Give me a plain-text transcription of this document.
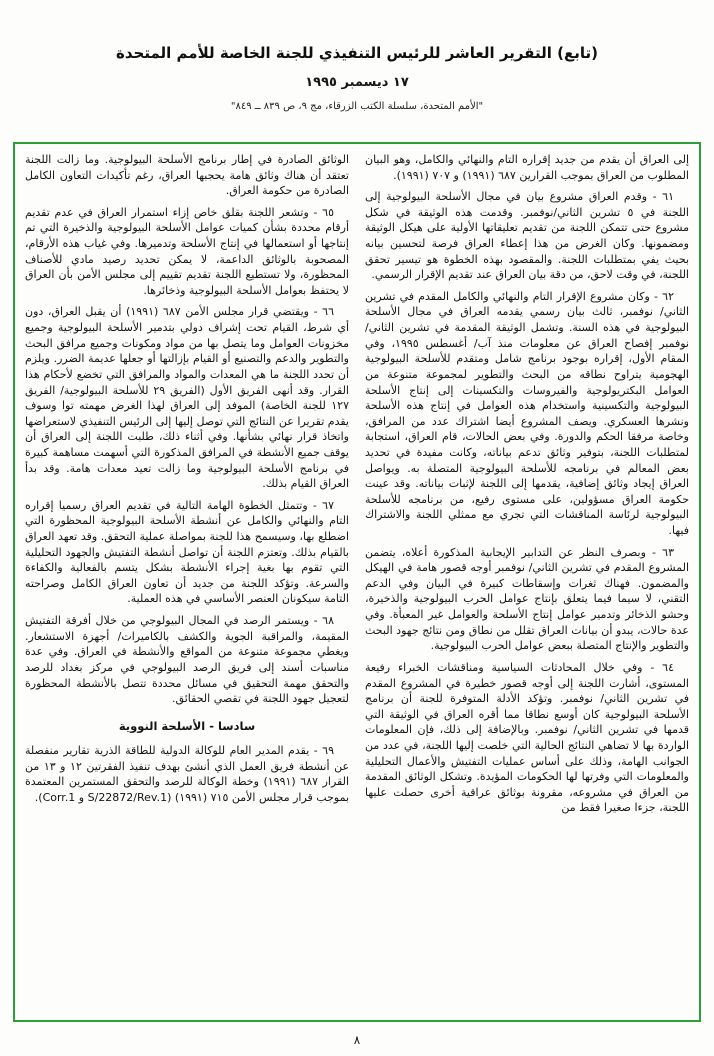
(تابع) التقرير العاشر للرئيس التنفيذي للجنة الخاصة للأمم المتحدة
١٧ ديسمبر ١٩٩٥
"الأمم المتحدة، سلسلة الكتب الزرقاء، مج ٩، ص ٨٣٩ ــ ٨٤٩"

إلى العراق أن يقدم من جديد إقراره التام والنهائي والكامل، وهو البيان المطلوب من العراق بموجب القرارين ٦٨٧ (١٩٩١) و ٧٠٧ (١٩٩١).

٦١ - وقدم العراق مشروع بيان في مجال الأسلحة البيولوجية إلى اللجنة في ٥ تشرين الثاني/نوفمبر. وقدمت هذه الوثيقة في شكل مشروع حتى تتمكن اللجنة من تقديم تعليقاتها الأولية على هيكل الوثيقة ومضمونها. وكان الغرض من هذا إعطاء العراق فرصة لتحسين بيانه بحيث يفي بمتطلبات اللجنة. والمقصود بهذه الخطوة هو تيسير تحقق اللجنة، في وقت لاحق، من دقة بيان العراق عند تقديم الإقرار الرسمي.

٦٢ - وكان مشروع الإقرار التام والنهائي والكامل المقدم في تشرين الثاني/ نوفمبر، ثالث بيان رسمي يقدمه العراق في مجال الأسلحة البيولوجية في هذه السنة. وتشمل الوثيقة المقدمة في تشرين الثاني/ نوفمبر إفصاح العراق عن معلومات منذ آب/ أغسطس ١٩٩٥، وفي المقام الأول، إقراره بوجود برنامج شامل ومتقدم للأسلحة البيولوجية الهجومية يتراوح نطاقه من البحث والتطوير لمجموعة متنوعة من العوامل البكتريولوجية والفيروسات والتكسينات إلى إنتاج الأسلحة البيولوجية والتكسينية واستخدام هذه العوامل في إنتاج هذه الأسلحة ونشرها العسكري. ويصف المشروع أيضا اشتراك عدد من المرافق، وخاصة مرفقا الحكم والدورة. وفي بعض الحالات، قام العراق، استجابة لمتطلبات اللجنة، بتوفير وثائق تدعم بياناته، وكانت مفيدة في تحديد بعض المعالم في برنامجه للأسلحة البيولوجية المتصلة به. ويواصل العراق إيجاد وثائق إضافية، يقدمها إلى اللجنة لإثبات بياناته. وقد عينت حكومة العراق مسؤولين، على مستوى رفيع، من برنامجه للأسلحة البيولوجية لرئاسة المناقشات التي تجري مع ممثلي اللجنة والاشتراك فيها.

٦٣ - وبصرف النظر عن التدابير الإيجابية المذكورة أعلاه، يتضمن المشروع المقدم في تشرين الثاني/ نوفمبر أوجه قصور هامة في الهيكل والمضمون. فهناك ثغرات وإسقاطات كبيرة في البيان وفي الدعم التقني، لا سيما فيما يتعلق بإنتاج عوامل الحرب البيولوجية والذخيرة، وحشو الذخائر وتدمير عوامل إنتاج الأسلحة والعوامل غير المعبأة. وفي عدة حالات، يبدو أن بيانات العراق تقلل من نطاق ومن نتائج جهود البحث والتطوير والإنتاج المتصلة ببعض عوامل الحرب البيولوجية.

٦٤ - وفي خلال المحادثات السياسية ومناقشات الخبراء رفيعة المستوى، أشارت اللجنة إلى أوجه قصور خطيرة في المشروع المقدم في تشرين الثاني/ نوفمبر. وتؤكد الأدلة المتوفرة للجنة أن برنامج الأسلحة البيولوجية كان أوسع نطاقا مما أقره العراق في الوثيقة التي قدمها في تشرين الثاني/ نوفمبر. وبالإضافة إلى ذلك، فإن المعلومات الواردة بها لا تضاهي النتائج الحالية التي خلصت إليها اللجنة، في عدد من الجوانب الهامة، وذلك على أساس عمليات التفتيش والأعمال التحليلية والمعلومات التي وفرتها لها الحكومات المؤيدة. وتشكل الوثائق المقدمة من العراق في مشروعه، مقرونة بوثائق عراقية أخرى حصلت عليها اللجنة، جزءا صغيرا فقط من

الوثائق الصادرة في إطار برنامج الأسلحة البيولوجية. وما زالت اللجنة تعتقد أن هناك وثائق هامة يحجبها العراق، رغم تأكيدات التعاون الكامل الصادرة من حكومة العراق.

٦٥ - وتشعر اللجنة بقلق خاص إزاء استمرار العراق في عدم تقديم أرقام محددة بشأن كميات عوامل الأسلحة البيولوجية والذخيرة التي تم إنتاجها أو استعمالها في إنتاج الأسلحة وتدميرها. وفي غياب هذه الأرقام، المصحوبة بالوثائق الداعمة، لا يمكن تحديد رصيد مادي للأصناف المحظورة، ولا تستطيع اللجنة تقديم تقييم إلى مجلس الأمن بأن العراق لا يحتفظ بعوامل الأسلحة البيولوجية وذخائرها.

٦٦ - ويقتضي قرار مجلس الأمن ٦٨٧ (١٩٩١) أن يقبل العراق، دون أي شرط، القيام تحت إشراف دولي بتدمير الأسلحة البيولوجية وجميع مخزونات العوامل وما يتصل بها من مواد ومكونات وجميع مرافق البحث والتطوير والدعم والتصنيع أو القيام بإزالتها أو جعلها عديمة الضرر. ويلزم أن تحدد اللجنة ما هي المعدات والمواد والمرافق التي تخضع لأحكام هذا القرار. وقد أنهى الفريق الأول (الفريق ٢٩ للأسلحة البيولوجية/ الفريق ١٢٧ للجنة الخاصة) الموفد إلى العراق لهذا الغرض مهمته توا وسوف يقدم تقريرا عن النتائج التي توصل إليها إلى الرئيس التنفيذي لاستعراضها واتخاذ قرار نهائي بشأنها. وفي أثناء ذلك، طلبت اللجنة إلى العراق أن يوقف جميع الأنشطة في المرافق المذكورة التي أسهمت مساهمة كبيرة في برنامج الأسلحة البيولوجية وما زالت تعيد معدات هامة. وقد بدأ العراق القيام بذلك.

٦٧ - وتتمثل الخطوة الهامة التالية في تقديم العراق رسميا إقراره التام والنهائي والكامل عن أنشطة الأسلحة البيولوجية المحظورة التي اضطلع بها، وسيسمح هذا للجنة بمواصلة عملية التحقق. وقد تعهد العراق بالقيام بذلك. وتعتزم اللجنة أن تواصل أنشطة التفتيش والجهود التحليلية التي تقوم بها بغية إجراء الأنشطة بشكل يتسم بالفعالية والكفاءة والسرعة. وتؤكد اللجنة من جديد أن تعاون العراق الكامل وصراحته التامة سيكونان العنصر الأساسي في هذه العملية.

٦٨ - ويستمر الرصد في المجال البيولوجي من خلال أفرقة التفتيش المقيمة، والمراقبة الجوية والكشف بالكاميرات/ أجهزة الاستشعار. ويغطي مجموعة متنوعة من المواقع والأنشطة في العراق. وفي عدة مناسبات أسند إلى فريق الرصد البيولوجي في مركز بغداد للرصد والتحقق مهمة التحقيق في مسائل محددة تتصل بالأنشطة المحظورة لتعجيل جهود اللجنة في تقصي الحقائق.

سادسا - الأسلحة النووية

٦٩ - يقدم المدير العام للوكالة الدولية للطاقة الذرية تقارير منفصلة عن أنشطة فريق العمل الذي أنشئ بهدف تنفيذ الفقرتين ١٢ و ١٣ من القرار ٦٨٧ (١٩٩١) وخطة الوكالة للرصد والتحقق المستمرين المعتمدة بموجب قرار مجلس الأمن ٧١٥ (١٩٩١) (S/22872/Rev.1 و Corr.1).

٨
